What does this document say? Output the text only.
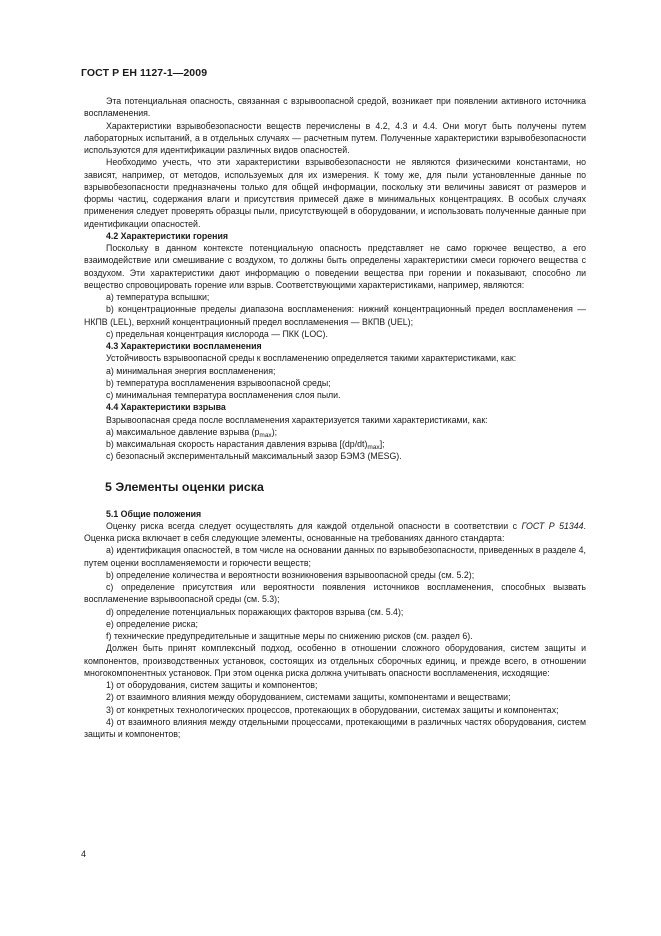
ГОСТ Р ЕН 1127-1—2009

Эта потенциальная опасность, связанная с взрывоопасной средой, возникает при появлении активного источника воспламенения.

Характеристики взрывобезопасности веществ перечислены в 4.2, 4.3 и 4.4. Они могут быть получены путем лабораторных испытаний, а в отдельных случаях — расчетным путем. Полученные характеристики взрывобезопасности используются для идентификации различных видов опасностей.

Необходимо учесть, что эти характеристики взрывобезопасности не являются физическими константами, но зависят, например, от методов, используемых для их измерения. К тому же, для пыли установленные данные по взрывобезопасности предназначены только для общей информации, поскольку эти величины зависят от размеров и формы частиц, содержания влаги и присутствия примесей даже в минимальных концентрациях. В особых случаях применения следует проверять образцы пыли, присутствующей в оборудовании, и использовать полученные данные при идентификации опасностей.

4.2 Характеристики горения

Поскольку в данном контексте потенциальную опасность представляет не само горючее вещество, а его взаимодействие или смешивание с воздухом, то должны быть определены характеристики смеси горючего вещества с воздухом. Эти характеристики дают информацию о поведении вещества при горении и показывают, способно ли вещество спровоцировать горение или взрыв. Соответствующими характеристиками, например, являются:

a) температура вспышки;

b) концентрационные пределы диапазона воспламенения: нижний концентрационный предел воспламенения — НКПВ (LEL), верхний концентрационный предел воспламенения — ВКПВ (UEL);

c) предельная концентрация кислорода — ПКК (LOC).

4.3 Характеристики воспламенения

Устойчивость взрывоопасной среды к воспламенению определяется такими характеристиками, как:

a) минимальная энергия воспламенения;

b) температура воспламенения взрывоопасной среды;

c) минимальная температура воспламенения слоя пыли.

4.4 Характеристики взрыва

Взрывоопасная среда после воспламенения характеризуется такими характеристиками, как:

a) максимальное давление взрыва $(p_{max})$;

b) максимальная скорость нарастания давления взрыва $[(dp/dt)_{max}]$;

c) безопасный экспериментальный максимальный зазор БЭМЗ (MESG).

5 Элементы оценки риска

5.1 Общие положения

Оценку риска всегда следует осуществлять для каждой отдельной опасности в соответствии с ГОСТ Р 51344. Оценка риска включает в себя следующие элементы, основанные на требованиях данного стандарта:

a) идентификация опасностей, в том числе на основании данных по взрывобезопасности, приведенных в разделе 4, путем оценки воспламеняемости и горючести веществ;

b) определение количества и вероятности возникновения взрывоопасной среды (см. 5.2);

c) определение присутствия или вероятности появления источников воспламенения, способных вызвать воспламенение взрывоопасной среды (см. 5.3);

d) определение потенциальных поражающих факторов взрыва (см. 5.4);

e) определение риска;

f) технические предупредительные и защитные меры по снижению рисков (см. раздел 6).

Должен быть принят комплексный подход, особенно в отношении сложного оборудования, систем защиты и компонентов, производственных установок, состоящих из отдельных сборочных единиц, и прежде всего, в отношении многокомпонентных установок. При этом оценка риска должна учитывать опасности воспламенения, исходящие:

1) от оборудования, систем защиты и компонентов;

2) от взаимного влияния между оборудованием, системами защиты, компонентами и веществами;

3) от конкретных технологических процессов, протекающих в оборудовании, системах защиты и компонентах;

4) от взаимного влияния между отдельными процессами, протекающими в различных частях оборудования, систем защиты и компонентов;

4
